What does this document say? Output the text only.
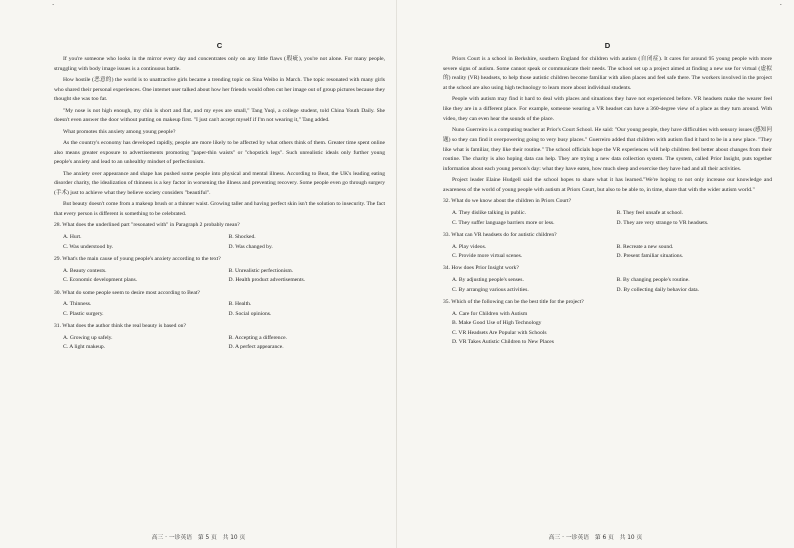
·
C

If you're someone who looks in the mirror every day and concentrates only on any little flaws (瑕疵), you're not alone. For many people, struggling with body image issues is a continuous battle.

How hostile (恶意的) the world is to unattractive girls became a trending topic on Sina Weibo in March. The topic resonated with many girls who shared their personal experiences. One internet user talked about how her friends would often cut her image out of group pictures because they thought she was too fat.

"My nose is not high enough, my chin is short and flat, and my eyes are small," Tang Yuqi, a college student, told China Youth Daily. She doesn't even answer the door without putting on makeup first. "I just can't accept myself if I'm not wearing it," Tang added.

What promotes this anxiety among young people?

As the country's economy has developed rapidly, people are more likely to be affected by what others think of them. Greater time spent online also means greater exposure to advertisements promoting "paper-thin waists" or "chopstick legs". Such unrealistic ideals only further young people's anxiety and lead to an unhealthy mindset of perfectionism.

The anxiety over appearance and shape has pushed some people into physical and mental illness. According to Beat, the UK's leading eating disorder charity, the idealization of thinness is a key factor in worsening the illness and preventing recovery. Some people even go through surgery (手术) just to achieve what they believe society considers "beautiful".

But beauty doesn't come from a makeup brush or a thinner waist. Growing taller and having perfect skin isn't the solution to insecurity. The fact that every person is different is something to be celebrated.

28. What does the underlined part "resonated with" in Paragraph 2 probably mean?

A. Hurt.	B. Shocked.
C. Was understood by.	D. Was changed by.

29. What's the main cause of young people's anxiety according to the text?

A. Beauty contests.	B. Unrealistic perfectionism.
C. Economic development plans.	D. Health product advertisements.

30. What do some people seem to desire most according to Beat?

A. Thinness.	B. Health.
C. Plastic surgery.	D. Social opinions.

31. What does the author think the real beauty is based on?

A. Growing up safely.	B. Accepting a difference.
C. A light makeup.	D. A perfect appearance.
高三 · 一诊英语　第 5 页　共 10 页
·
D

Priors Court is a school in Berkshire, southern England for children with autism (自闭症). It cares for around 95 young people with more severe signs of autism. Some cannot speak or communicate their needs. The school set up a project aimed at finding a new use for virtual (虚拟的) reality (VR) headsets, to help those autistic children become familiar with alien places and feel safe there. The workers involved in the project at the school are also using high technology to learn more about individual students.

People with autism may find it hard to deal with places and situations they have not experienced before. VR headsets make the wearer feel like they are in a different place. For example, someone wearing a VR headset can have a 360-degree view of a place as they turn around. With video, they can even hear the sounds of the place.

Nuno Guerreiro is a computing teacher at Prior's Court School. He said: "Our young people, they have difficulties with sensory issues (感知问题) so they can find it overpowering going to very busy places." Guerreiro added that children with autism find it hard to be in a new place. "They like what is familiar, they like their routine." The school officials hope the VR experiences will help children feel better about changes from their routine. The charity is also hoping data can help. They are trying a new data collection system. The system, called Prior Insight, puts together information about each young person's day: what they have eaten, how much sleep and exercise they have had and all their activities.

Project leader Elaine Hudgell said the school hopes to share what it has learned."We're hoping to not only increase our knowledge and awareness of the world of young people with autism at Priors Court, but also to be able to, in time, share that with the wider autism world."

32. What do we know about the children in Priors Court?

A. They dislike talking in public.	B. They feel unsafe at school.
C. They suffer language barriers more or less.	D. They are very strange to VR headsets.

33. What can VR headsets do for autistic children?

A. Play videos.	B. Recreate a new sound.
C. Provide more virtual scenes.	D. Present familiar situations.

34. How does Prior Insight work?

A. By adjusting people's senses.	B. By changing people's routine.
C. By arranging various activities.	D. By collecting daily behavior data.

35. Which of the following can be the best title for the project?

A. Care for Children with Autism
B. Make Good Use of High Technology
C. VR Headsets Are Popular with Schools
D. VR Takes Autistic Children to New Places
高三 · 一诊英语　第 6 页　共 10 页
